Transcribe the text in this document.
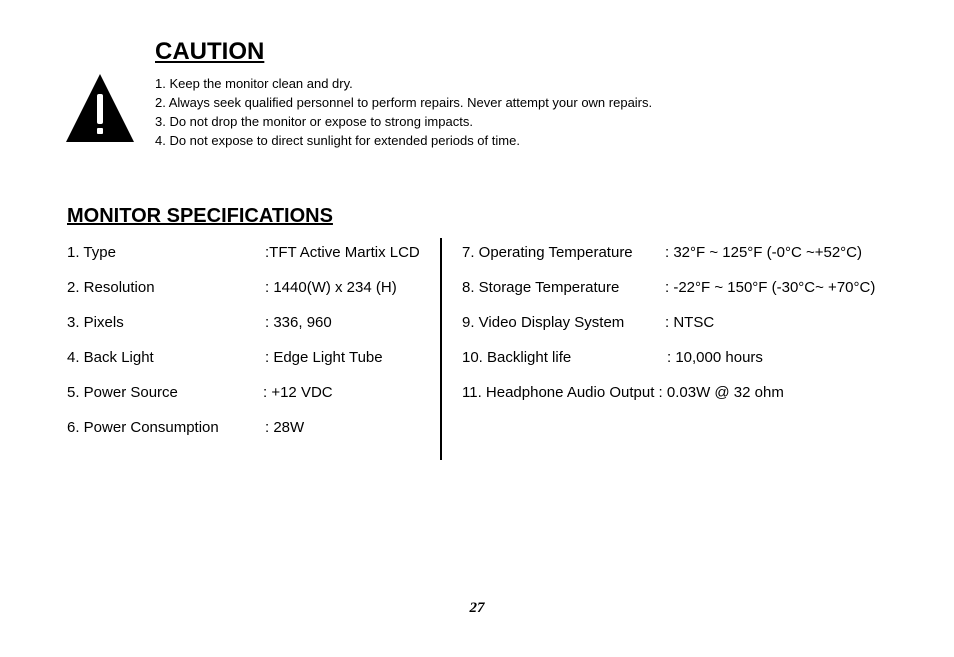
CAUTION
1. Keep the monitor clean and dry.
2. Always seek qualified personnel to perform repairs. Never attempt your own repairs.
3. Do not drop the monitor or expose to strong impacts.
4. Do not expose to direct sunlight for extended periods of time.
MONITOR SPECIFICATIONS
1. Type	:TFT Active Martix LCD
2. Resolution	: 1440(W) x 234 (H)
3. Pixels	: 336, 960
4. Back Light	: Edge Light Tube
5. Power Source	: +12 VDC
6. Power Consumption	: 28W
7. Operating Temperature : 32°F ~ 125°F (-0°C ~+52°C)
8. Storage Temperature	: -22°F ~ 150°F (-30°C~ +70°C)
9. Video Display System	: NTSC
10. Backlight life	: 10,000 hours
11. Headphone Audio Output : 0.03W @ 32 ohm
27
